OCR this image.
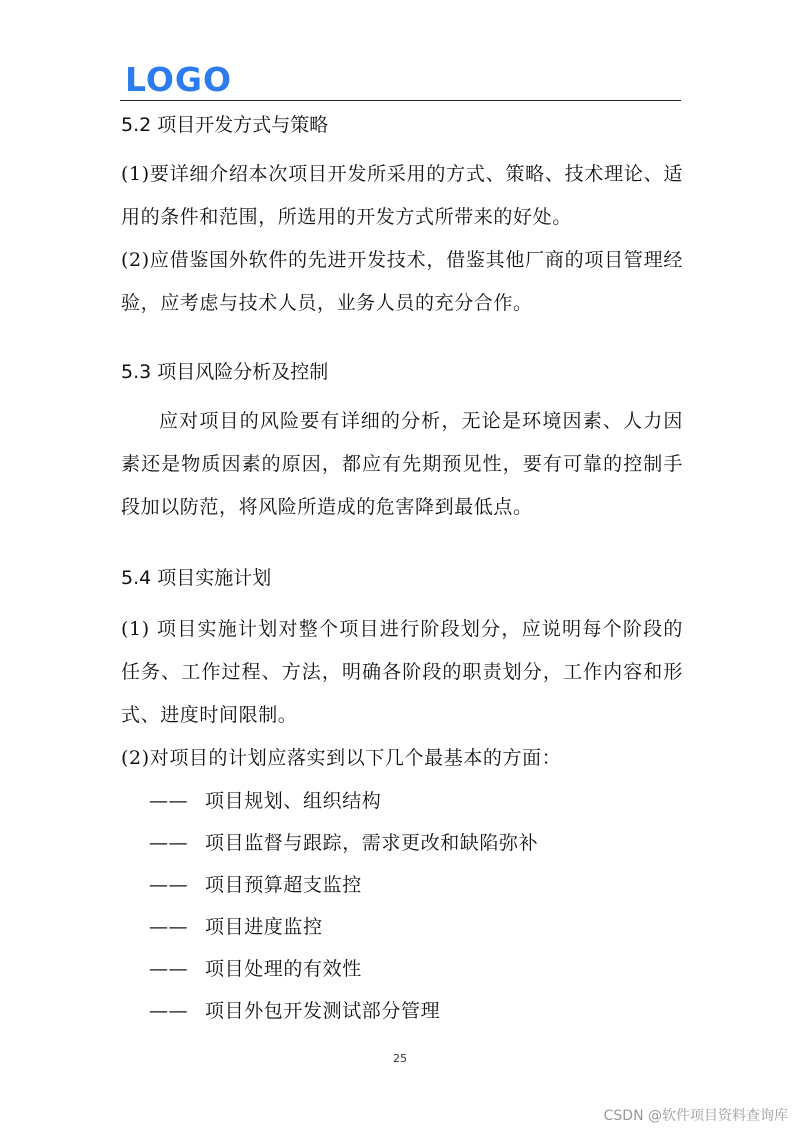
LOGO
5.2 项目开发方式与策略

(1)要详细介绍本次项目开发所采用的方式、策略、技术理论、适用的条件和范围，所选用的开发方式所带来的好处。

(2)应借鉴国外软件的先进开发技术，借鉴其他厂商的项目管理经验，应考虑与技术人员，业务人员的充分合作。

5.3 项目风险分析及控制

应对项目的风险要有详细的分析，无论是环境因素、人力因素还是物质因素的原因，都应有先期预见性，要有可靠的控制手段加以防范，将风险所造成的危害降到最低点。

5.4 项目实施计划

(1) 项目实施计划对整个项目进行阶段划分，应说明每个阶段的任务、工作过程、方法，明确各阶段的职责划分，工作内容和形式、进度时间限制。

(2)对项目的计划应落实到以下几个最基本的方面：

—— 项目规划、组织结构
—— 项目监督与跟踪，需求更改和缺陷弥补
—— 项目预算超支监控
—— 项目进度监控
—— 项目处理的有效性
—— 项目外包开发测试部分管理
25
CSDN @软件项目资料查询库
